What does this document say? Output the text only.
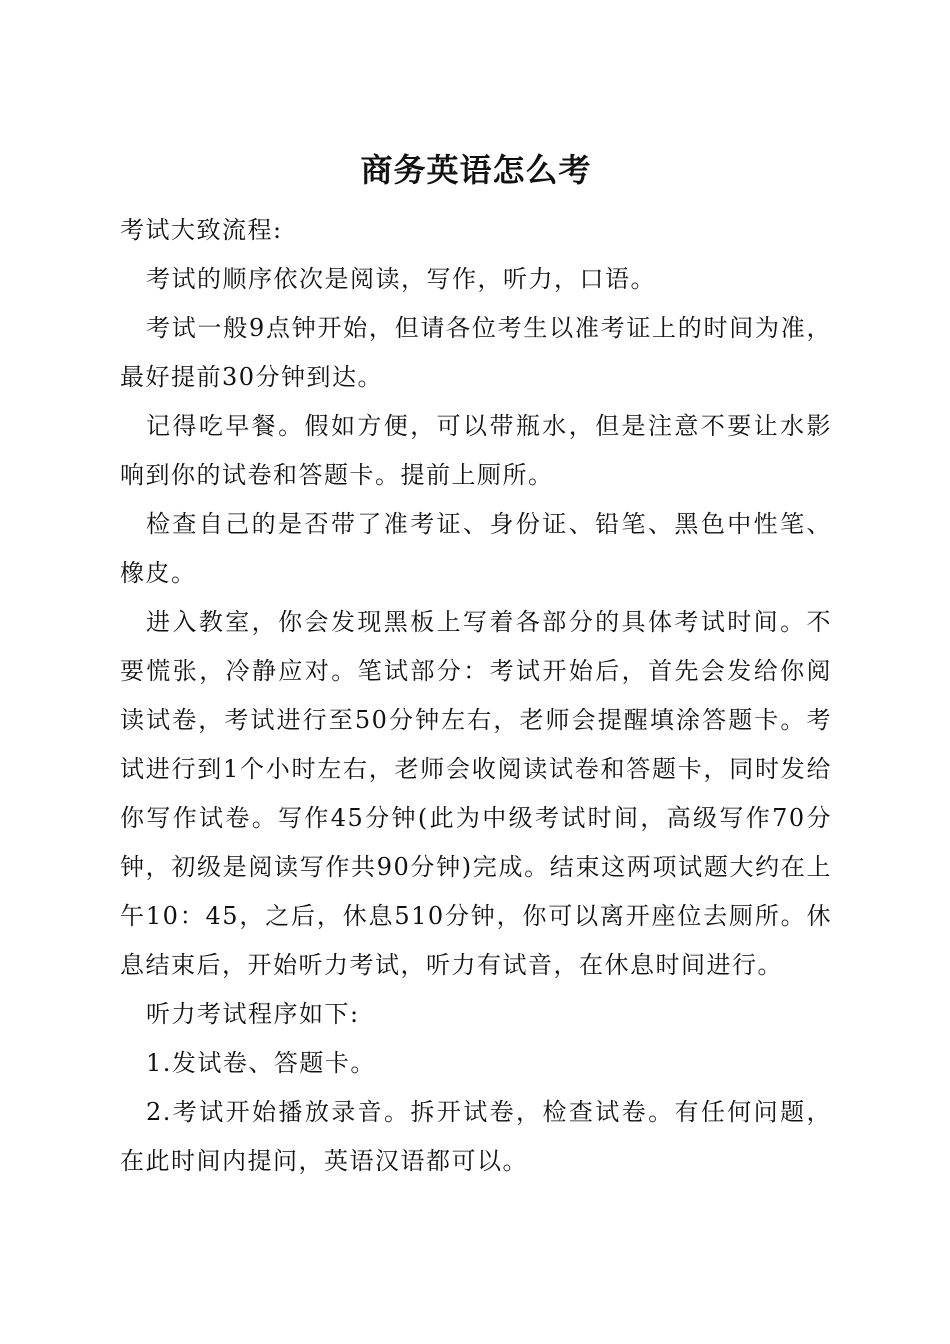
商务英语怎么考

考试大致流程:

考试的顺序依次是阅读，写作，听力，口语。

考试一般9点钟开始，但请各位考生以准考证上的时间为准，最好提前30分钟到达。

记得吃早餐。假如方便，可以带瓶水，但是注意不要让水影响到你的试卷和答题卡。提前上厕所。

检查自己的是否带了准考证、身份证、铅笔、黑色中性笔、橡皮。

进入教室，你会发现黑板上写着各部分的具体考试时间。不要慌张，冷静应对。笔试部分：考试开始后，首先会发给你阅读试卷，考试进行至50分钟左右，老师会提醒填涂答题卡。考试进行到1个小时左右，老师会收阅读试卷和答题卡，同时发给你写作试卷。写作45分钟(此为中级考试时间，高级写作70分钟，初级是阅读写作共90分钟)完成。结束这两项试题大约在上午10：45，之后，休息510分钟，你可以离开座位去厕所。休息结束后，开始听力考试，听力有试音，在休息时间进行。

听力考试程序如下:

1.发试卷、答题卡。

2.考试开始播放录音。拆开试卷，检查试卷。有任何问题，在此时间内提问，英语汉语都可以。
